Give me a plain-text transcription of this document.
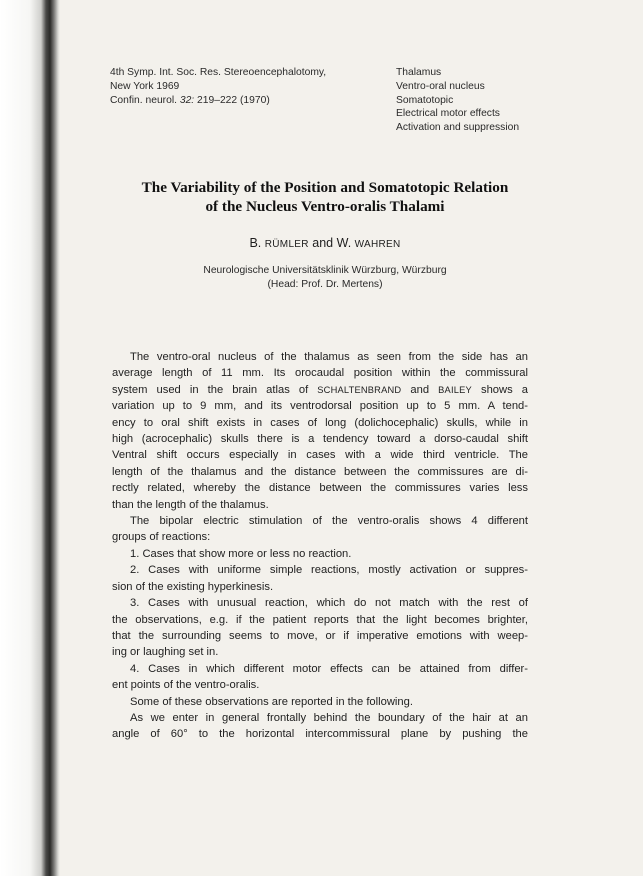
4th Symp. Int. Soc. Res. Stereoencephalotomy,
New York 1969
Confin. neurol. 32: 219–222 (1970)
Thalamus
Ventro-oral nucleus
Somatotopic
Electrical motor effects
Activation and suppression
The Variability of the Position and Somatotopic Relation
of the Nucleus Ventro-oralis Thalami
B. RÜMLER and W. WAHREN
Neurologische Universitätsklinik Würzburg, Würzburg
(Head: Prof. Dr. Mertens)
The ventro-oral nucleus of the thalamus as seen from the side has an
average length of 11 mm. Its orocaudal position within the commissural
system used in the brain atlas of SCHALTENBRAND and BAILEY shows a
variation up to 9 mm, and its ventrodorsal position up to 5 mm. A tend-
ency to oral shift exists in cases of long (dolichocephalic) skulls, while in
high (acrocephalic) skulls there is a tendency toward a dorso-caudal shift
Ventral shift occurs especially in cases with a wide third ventricle. The
length of the thalamus and the distance between the commissures are di-
rectly related, whereby the distance between the commissures varies less
than the length of the thalamus.
The bipolar electric stimulation of the ventro-oralis shows 4 different
groups of reactions:
1. Cases that show more or less no reaction.
2. Cases with uniforme simple reactions, mostly activation or suppres-
sion of the existing hyperkinesis.
3. Cases with unusual reaction, which do not match with the rest of
the observations, e.g. if the patient reports that the light becomes brighter,
that the surrounding seems to move, or if imperative emotions with weep-
ing or laughing set in.
4. Cases in which different motor effects can be attained from differ-
ent points of the ventro-oralis.
Some of these observations are reported in the following.
As we enter in general frontally behind the boundary of the hair at an
angle of 60° to the horizontal intercommissural plane by pushing the
